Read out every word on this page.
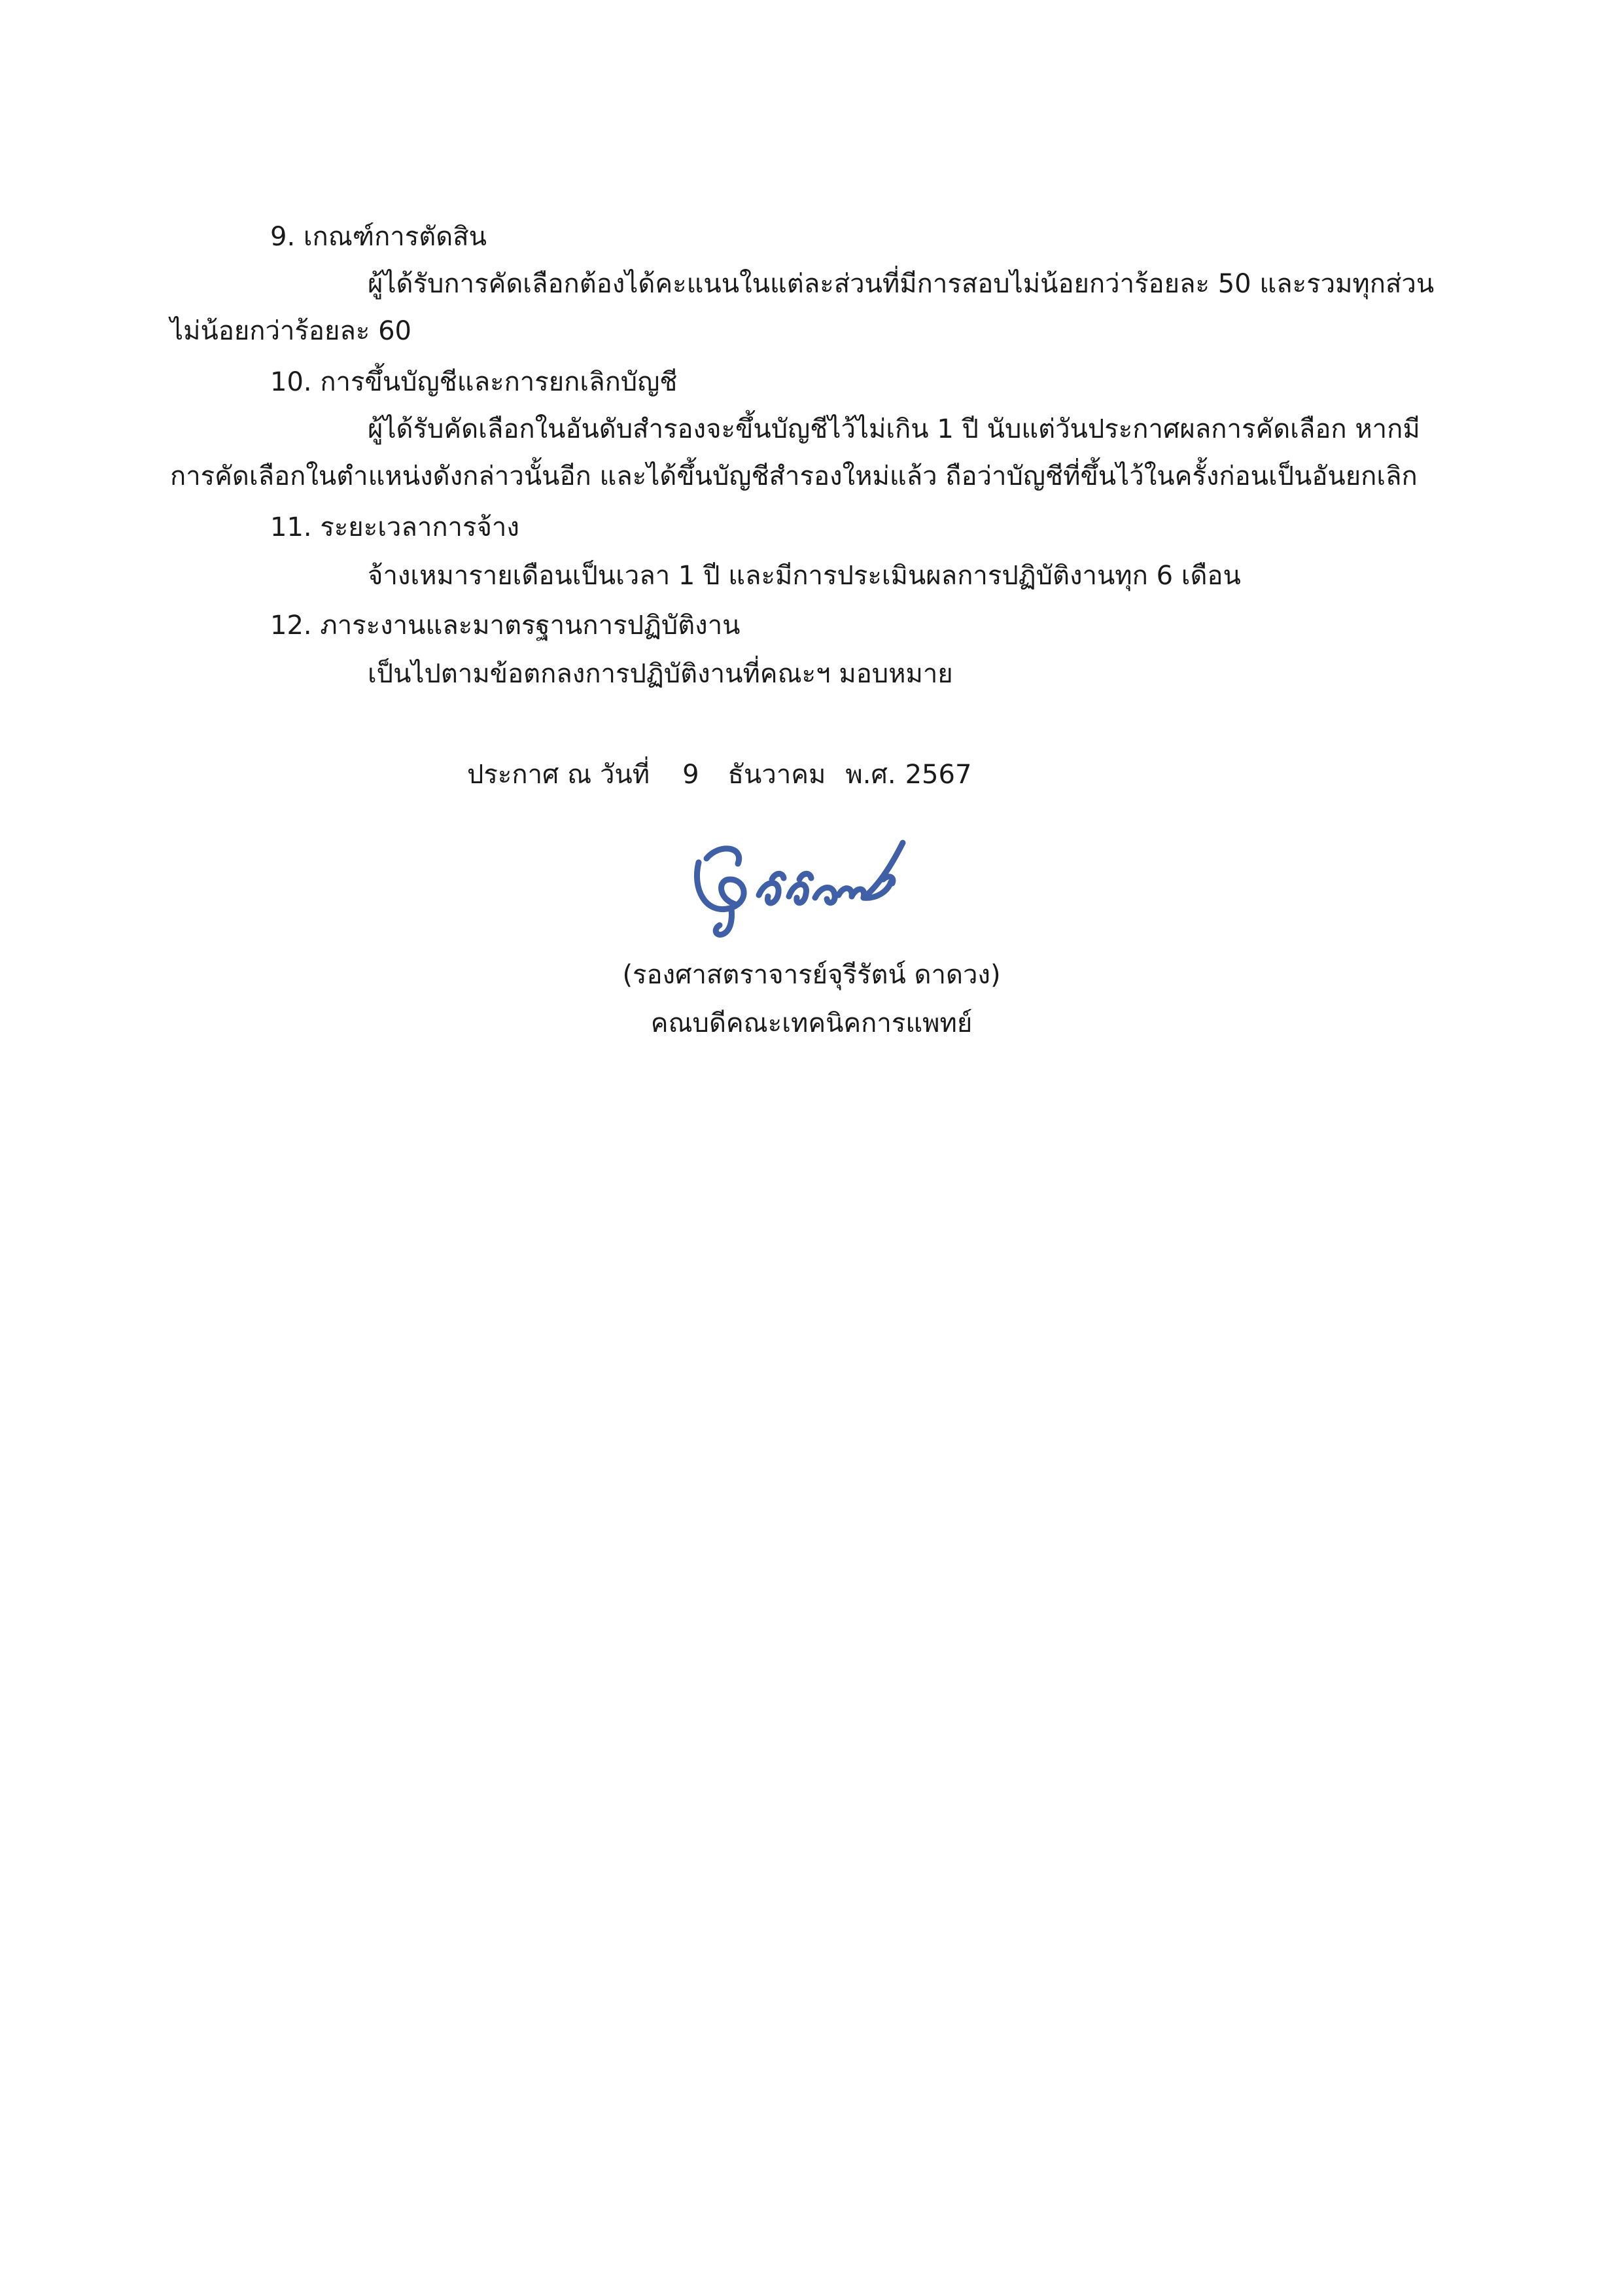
9. เกณฑ์การตัดสิน
ผู้ได้รับการคัดเลือกต้องได้คะแนนในแต่ละส่วนที่มีการสอบไม่น้อยกว่าร้อยละ 50 และรวมทุกส่วน
ไม่น้อยกว่าร้อยละ 60
10. การขึ้นบัญชีและการยกเลิกบัญชี
ผู้ได้รับคัดเลือกในอันดับสำรองจะขึ้นบัญชีไว้ไม่เกิน 1 ปี นับแต่วันประกาศผลการคัดเลือก หากมี
การคัดเลือกในตำแหน่งดังกล่าวนั้นอีก และได้ขึ้นบัญชีสำรองใหม่แล้ว ถือว่าบัญชีที่ขึ้นไว้ในครั้งก่อนเป็นอันยกเลิก
11. ระยะเวลาการจ้าง
จ้างเหมารายเดือนเป็นเวลา 1 ปี และมีการประเมินผลการปฏิบัติงานทุก 6 เดือน
12. ภาระงานและมาตรฐานการปฏิบัติงาน
เป็นไปตามข้อตกลงการปฏิบัติงานที่คณะฯ มอบหมาย
ประกาศ ณ วันที่ 9 ธันวาคม พ.ศ. 2567
(รองศาสตราจารย์จุรีรัตน์ ดาดวง)
คณบดีคณะเทคนิคการแพทย์
